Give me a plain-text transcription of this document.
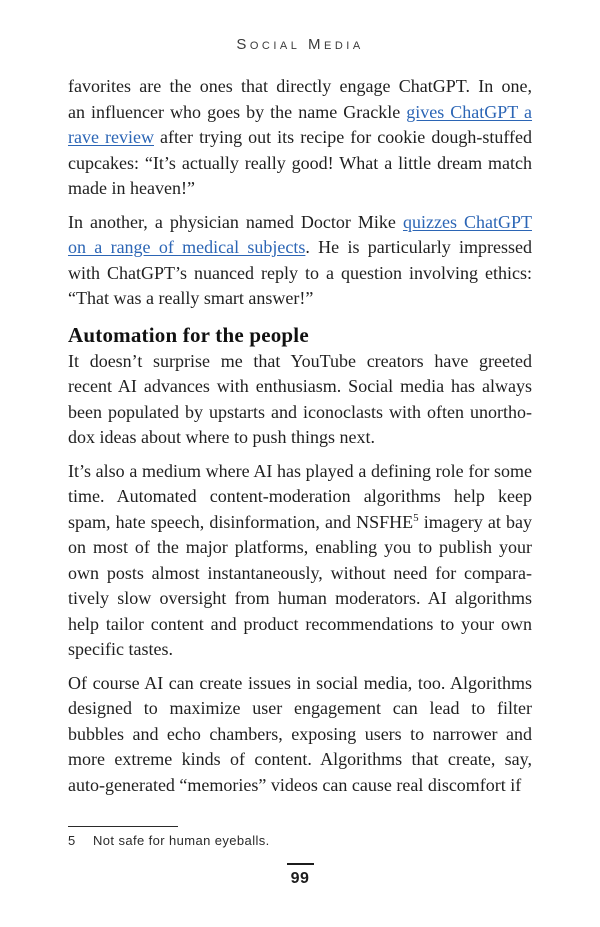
Social Media
favorites are the ones that directly engage ChatGPT. In one,
an influencer who goes by the name Grackle gives ChatGPT a
rave review after trying out its recipe for cookie dough-stuffed
cupcakes: “It’s actually really good! What a little dream match
made in heaven!”
In another, a physician named Doctor Mike quizzes ChatGPT
on a range of medical subjects. He is particularly impressed
with ChatGPT’s nuanced reply to a question involving ethics:
“That was a really smart answer!”
Automation for the people
It doesn’t surprise me that YouTube creators have greeted
recent AI advances with enthusiasm. Social media has always
been populated by upstarts and iconoclasts with often unortho-
dox ideas about where to push things next.
It’s also a medium where AI has played a defining role for some
time. Automated content-moderation algorithms help keep
spam, hate speech, disinformation, and NSFHE$^5$ imagery at bay
on most of the major platforms, enabling you to publish your
own posts almost instantaneously, without need for compara-
tively slow oversight from human moderators. AI algorithms
help tailor content and product recommendations to your own
specific tastes.
Of course AI can create issues in social media, too. Algorithms
designed to maximize user engagement can lead to filter
bubbles and echo chambers, exposing users to narrower and
more extreme kinds of content. Algorithms that create, say,
auto-generated “memories” videos can cause real discomfort if
5 Not safe for human eyeballs.
99
